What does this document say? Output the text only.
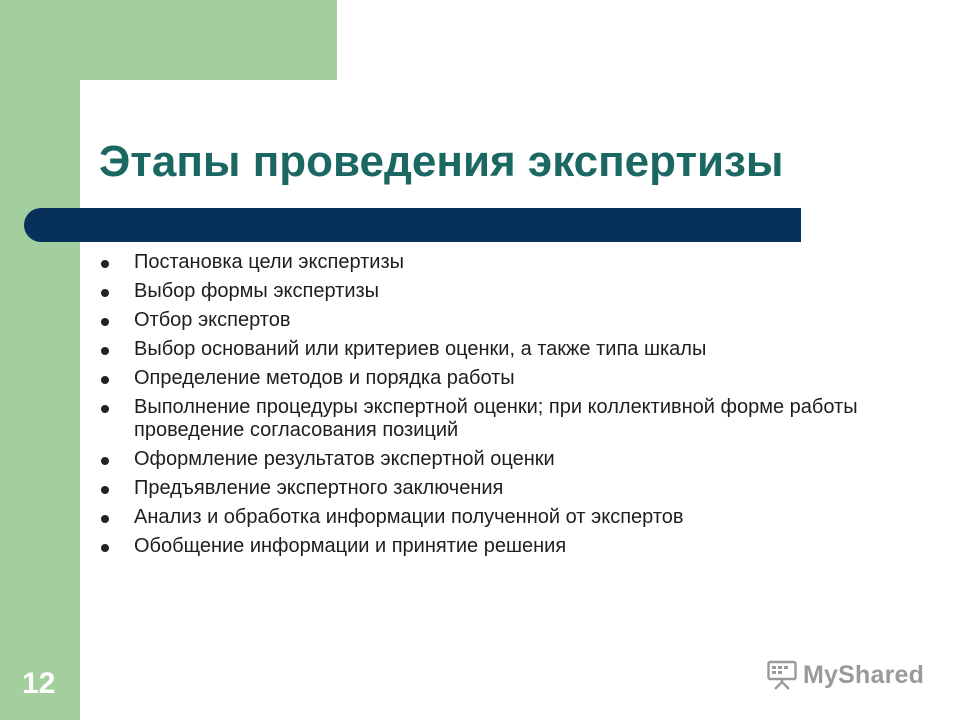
Этапы проведения экспертизы
Постановка цели экспертизы
Выбор формы экспертизы
Отбор экспертов
Выбор оснований или критериев оценки, а также типа шкалы
Определение методов и порядка работы
Выполнение процедуры экспертной оценки; при коллективной форме работы проведение согласования позиций
Оформление результатов экспертной оценки
Предъявление экспертного заключения
Анализ и обработка информации полученной от экспертов
Обобщение информации и принятие решения
12	MyShared
